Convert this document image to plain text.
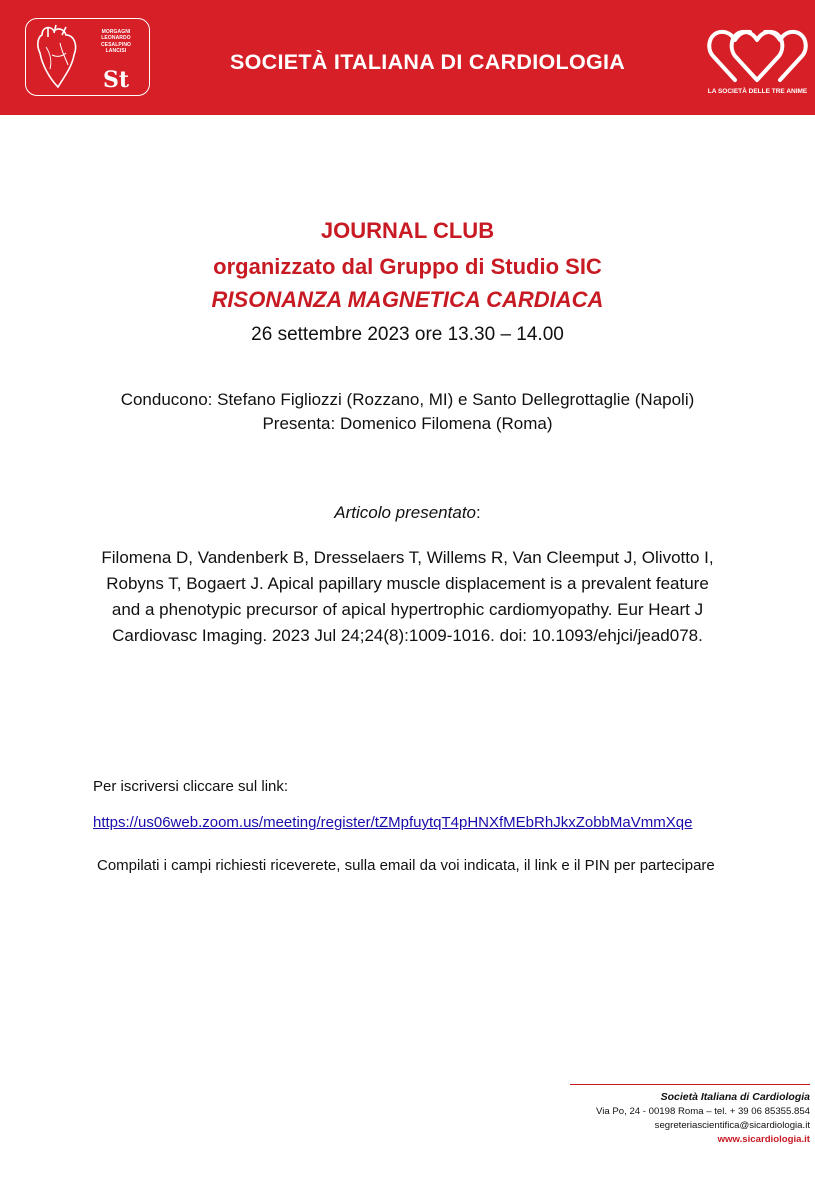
MORGAGNI
LEONARDO
CESALPINO
LANCISI
St
SOCIETÀ ITALIANA DI CARDIOLOGIA
LA SOCIETÀ DELLE TRE ANIME
JOURNAL CLUB
organizzato dal Gruppo di Studio SIC
RISONANZA MAGNETICA CARDIACA
26 settembre 2023 ore 13.30 – 14.00
Conducono: Stefano Figliozzi (Rozzano, MI) e Santo Dellegrottaglie (Napoli)
Presenta: Domenico Filomena (Roma)
Articolo presentato:
Filomena D, Vandenberk B, Dresselaers T, Willems R, Van Cleemput J, Olivotto I, Robyns T, Bogaert J. Apical papillary muscle displacement is a prevalent feature and a phenotypic precursor of apical hypertrophic cardiomyopathy. Eur Heart J Cardiovasc Imaging. 2023 Jul 24;24(8):1009-1016. doi: 10.1093/ehjci/jead078.
Per iscriversi cliccare sul link:
https://us06web.zoom.us/meeting/register/tZMpfuytqT4pHNXfMEbRhJkxZobbMaVmmXqe
Compilati i campi richiesti riceverete, sulla email da voi indicata, il link e il PIN per partecipare
Società Italiana di Cardiologia
Via Po, 24 - 00198 Roma – tel. + 39 06 85355.854
segreteriascientifica@sicardiologia.it
www.sicardiologia.it
